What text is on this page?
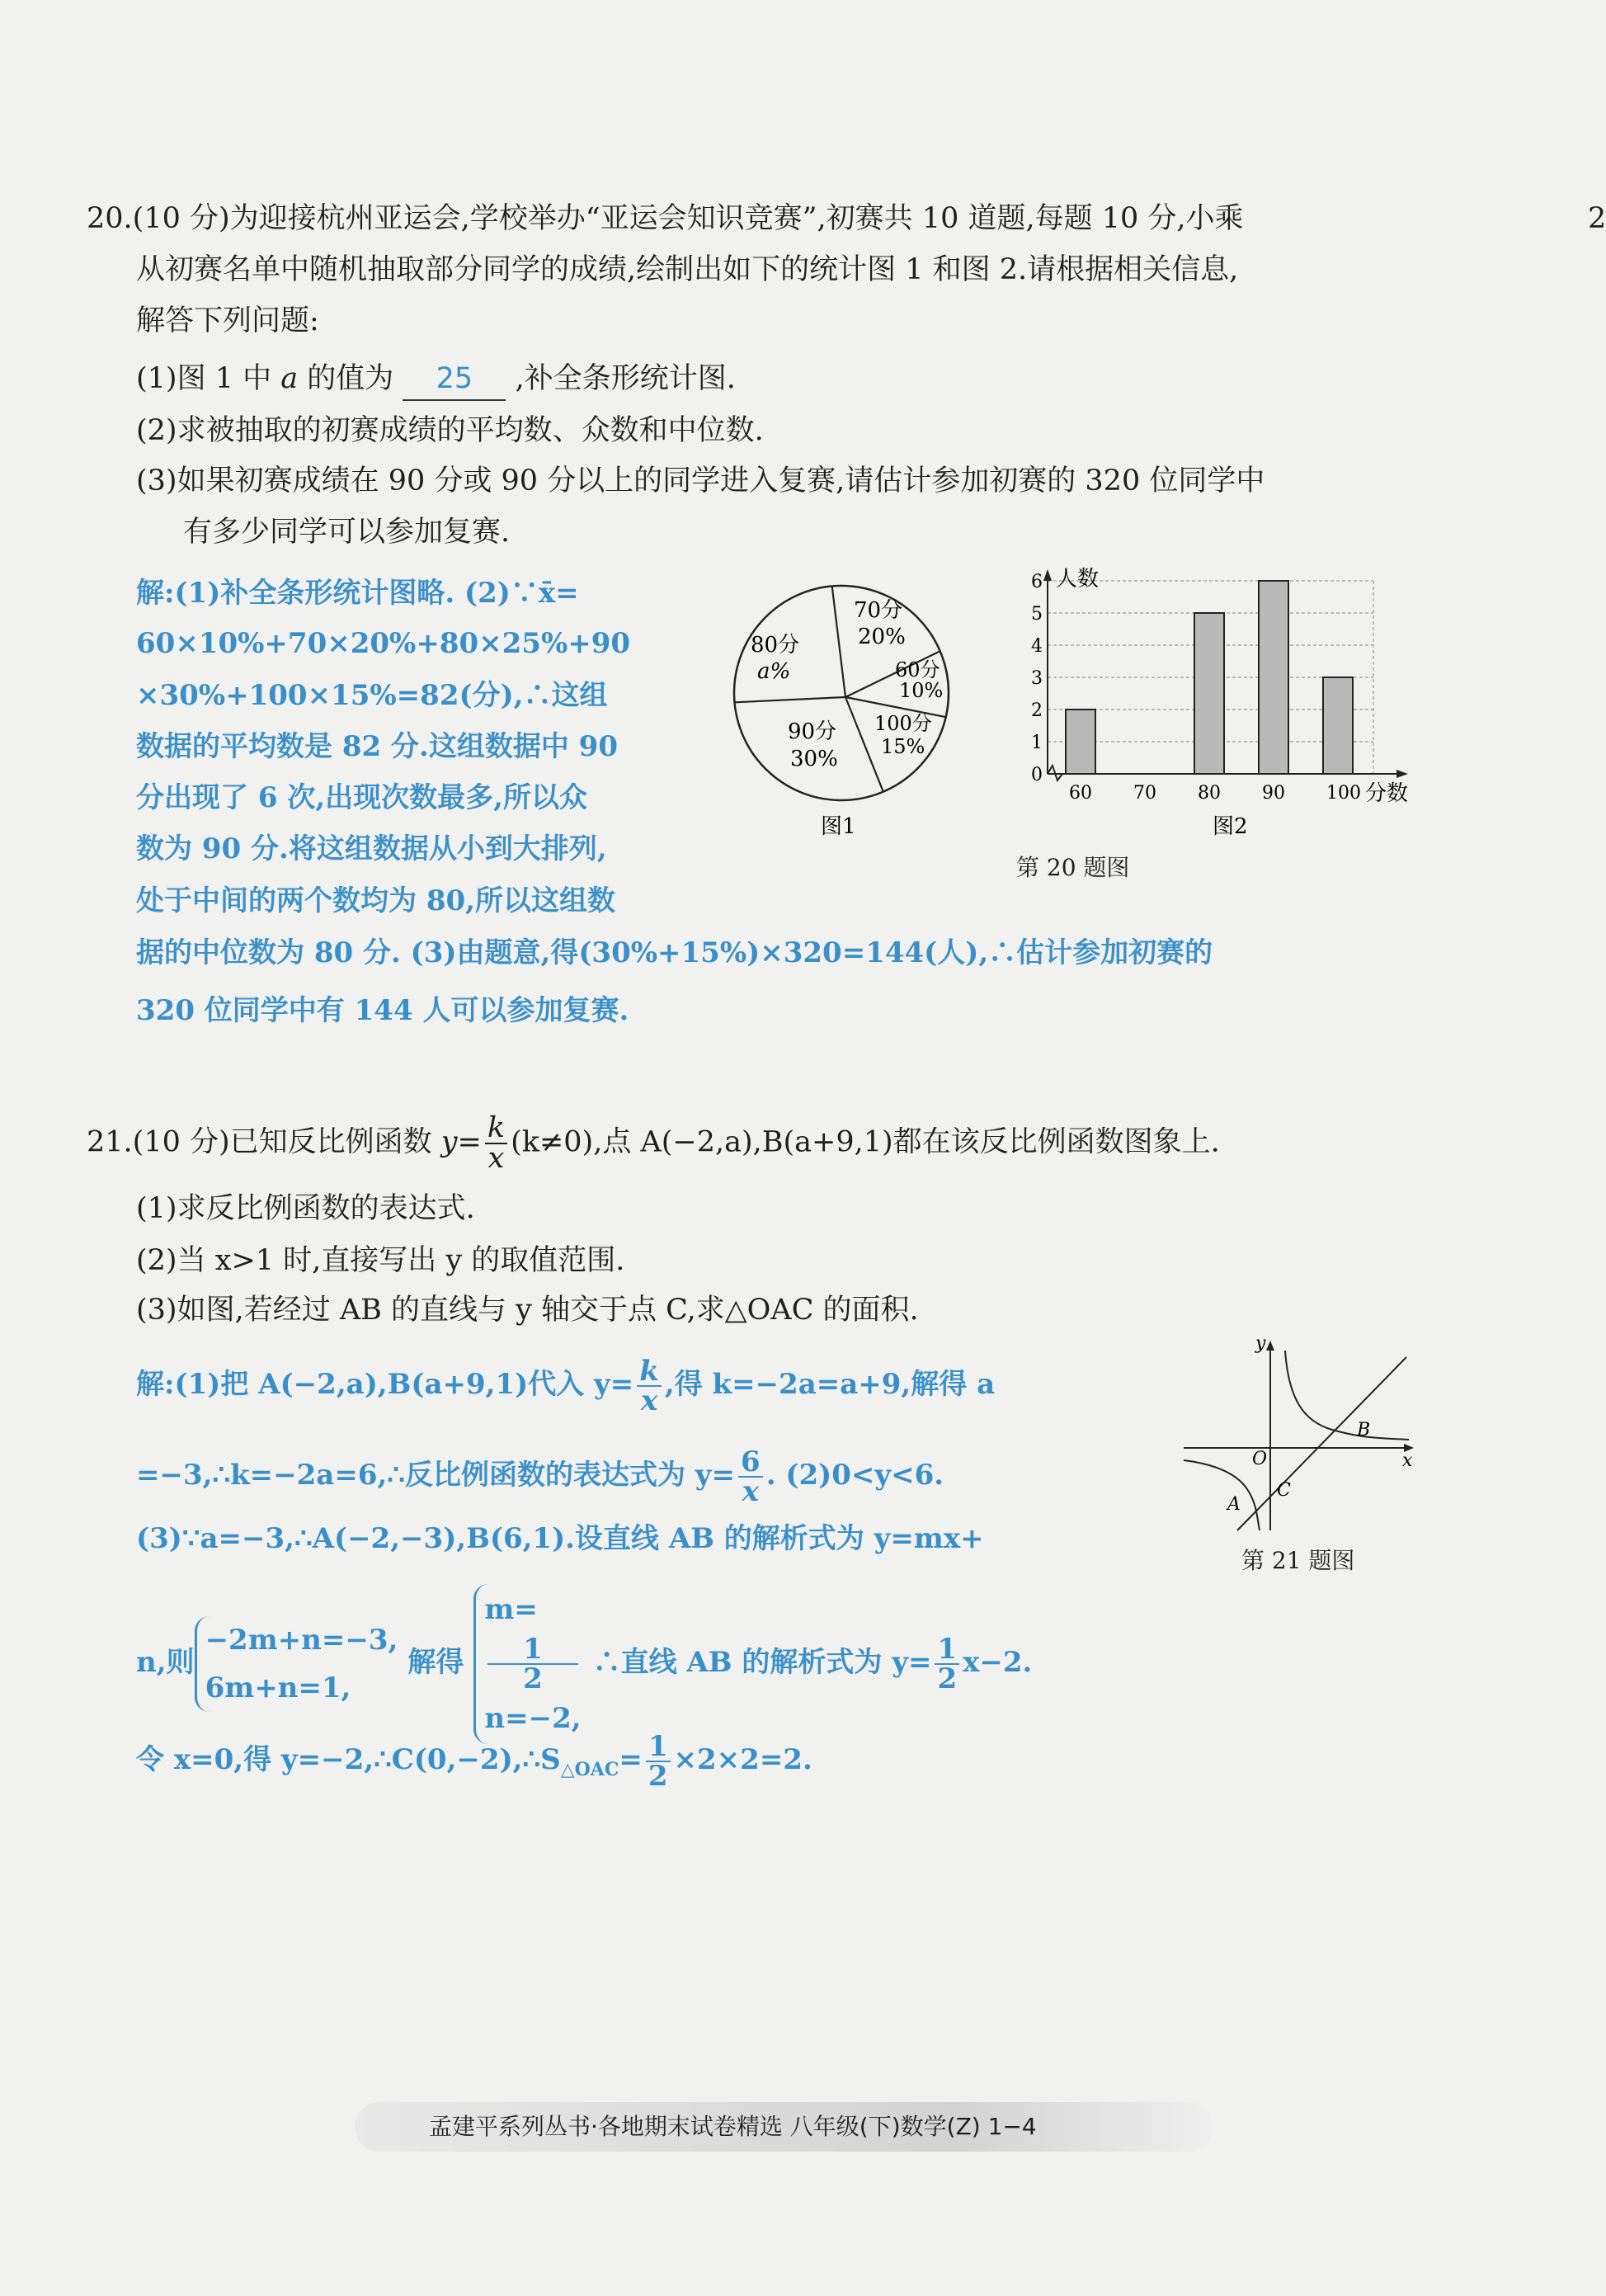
2
20.(10 分)为迎接杭州亚运会,学校举办“亚运会知识竞赛”,初赛共 10 道题,每题 10 分,小乘
从初赛名单中随机抽取部分同学的成绩,绘制出如下的统计图 1 和图 2.请根据相关信息,
解答下列问题:
(1)图 1 中 a 的值为 25 ,补全条形统计图.
(2)求被抽取的初赛成绩的平均数、众数和中位数.
(3)如果初赛成绩在 90 分或 90 分以上的同学进入复赛,请估计参加初赛的 320 位同学中
有多少同学可以参加复赛.
解:(1)补全条形统计图略. (2)∵x̄=
60×10%+70×20%+80×25%+90
×30%+100×15%=82(分),∴这组
数据的平均数是 82 分.这组数据中 90
分出现了 6 次,出现次数最多,所以众
数为 90 分.将这组数据从小到大排列,
处于中间的两个数均为 80,所以这组数
据的中位数为 80 分. (3)由题意,得(30%+15%)×320=144(人),∴估计参加初赛的
320 位同学中有 144 人可以参加复赛.
70分
20%
60分
10%
100分
15%
90分
30%
80分
a%
图1
人数
分数
0
1
2
3
4
5
6
60 70 80 90 100
图2
第 20 题图
21.(10 分)已知反比例函数 $y= \frac{k}{x} (k\ne 0)$,点 A(−2,a),B(a+9,1)都在该反比例函数图象上.
(1)求反比例函数的表达式.
(2)当 x>1 时,直接写出 y 的取值范围.
(3)如图,若经过 AB 的直线与 y 轴交于点 C,求△OAC 的面积.
解:(1)把 A(−2,a),B(a+9,1)代入 $y= \frac{k}{x}$ ,得 k=−2a=a+9,解得 a
=−3,∴k=−2a=6,∴反比例函数的表达式为 $y= \frac{6}{x}$ . (2)0<y<6.
(3)∵a=−3,∴A(−2,−3),B(6,1).设直线 AB 的解析式为 y=mx+
n,则
−2m+n=−3,
6m+n=1,
解得
m=
1
2
n=−2,
∴直线 AB 的解析式为 $y= \frac{1}{2} x-2$.
令 x=0,得 $y=-2,\therefore C(0,-2),\therefore S_{\triangle OAC}= \frac{1}{2} \times 2\times 2=2$.
y
x
O
A
B
C
第 21 题图
孟建平系列丛书·各地期末试卷精选 八年级(下)数学(Z) 1−4
